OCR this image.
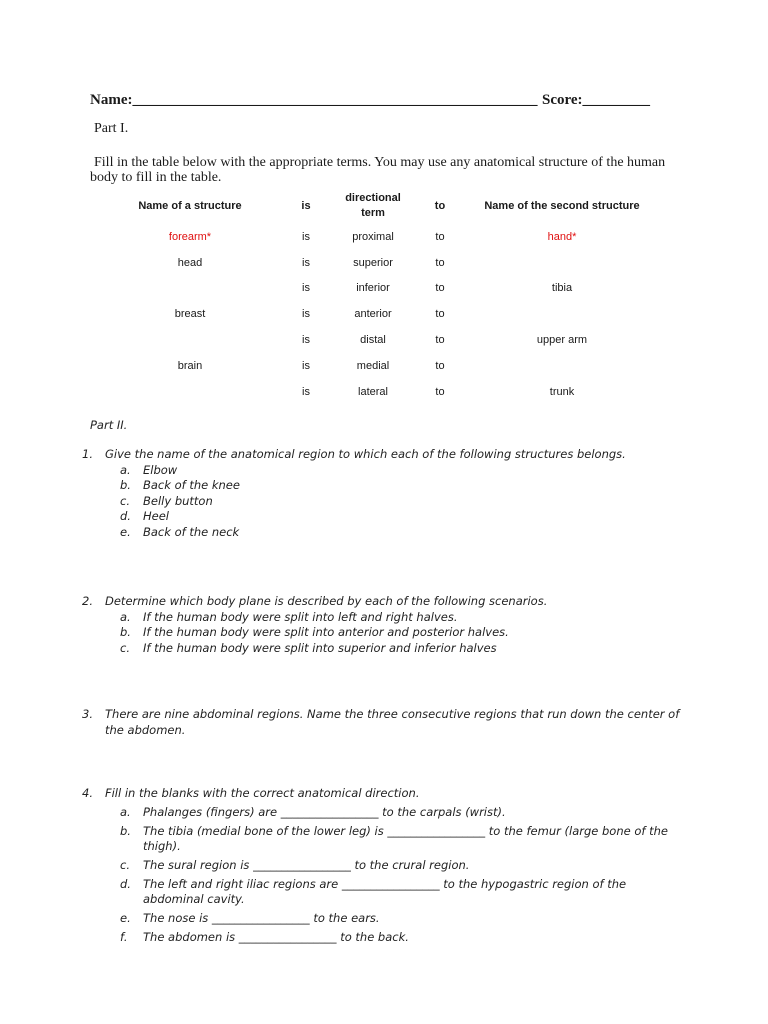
Name:______________________________________________________ Score:_________
Part I.
Fill in the table below with the appropriate terms. You may use any anatomical structure of the human body to fill in the table.
Name of a structure	is	directional term	to	Name of the second structure
forearm*	is	proximal	to	hand*
head	is	superior	to	
	is	inferior	to	tibia
breast	is	anterior	to	
	is	distal	to	upper arm
brain	is	medial	to	
	is	lateral	to	trunk
Part II.
1. Give the name of the anatomical region to which each of the following structures belongs.
a. Elbow
b. Back of the knee
c. Belly button
d. Heel
e. Back of the neck
2. Determine which body plane is described by each of the following scenarios.
a. If the human body were split into left and right halves.
b. If the human body were split into anterior and posterior halves.
c. If the human body were split into superior and inferior halves
3. There are nine abdominal regions. Name the three consecutive regions that run down the center of the abdomen.
4. Fill in the blanks with the correct anatomical direction.
a. Phalanges (fingers) are _________________ to the carpals (wrist).
b. The tibia (medial bone of the lower leg) is _________________ to the femur (large bone of the thigh).
c. The sural region is _________________ to the crural region.
d. The left and right iliac regions are _________________ to the hypogastric region of the abdominal cavity.
e. The nose is _________________ to the ears.
f. The abdomen is _________________ to the back.
